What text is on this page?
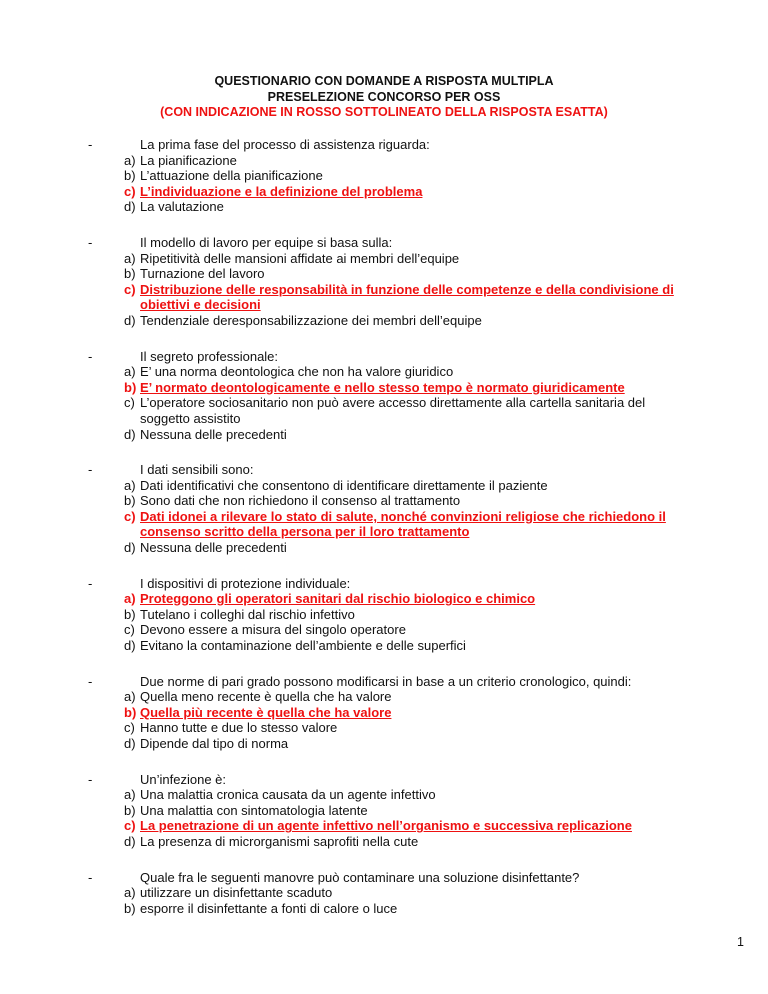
QUESTIONARIO CON DOMANDE A RISPOSTA MULTIPLA
PRESELEZIONE CONCORSO PER OSS
(CON INDICAZIONE IN ROSSO SOTTOLINEATO DELLA RISPOSTA ESATTA)
-	La prima fase del processo di assistenza riguarda:
a) La pianificazione
b) L’attuazione della pianificazione
c) L’individuazione e la definizione del problema
d) La valutazione
-	Il modello di lavoro per equipe si basa sulla:
a) Ripetitività delle mansioni affidate ai membri dell’equipe
b) Turnazione del lavoro
c) Distribuzione delle responsabilità in funzione delle competenze e della condivisione di obiettivi e decisioni
d) Tendenziale deresponsabilizzazione dei membri dell’equipe
-	Il segreto professionale:
a) E’ una norma deontologica che non ha valore giuridico
b) E’ normato deontologicamente e nello stesso tempo è normato giuridicamente
c) L’operatore sociosanitario non può avere accesso direttamente alla cartella sanitaria del soggetto assistito
d) Nessuna delle precedenti
-	I dati sensibili sono:
a) Dati identificativi che consentono di identificare direttamente il paziente
b) Sono dati che non richiedono il consenso al trattamento
c) Dati idonei a rilevare lo stato di salute, nonché convinzioni religiose che richiedono il consenso scritto della persona per il loro trattamento
d) Nessuna delle precedenti
-	I dispositivi di protezione individuale:
a) Proteggono gli operatori sanitari dal rischio biologico e chimico
b) Tutelano i colleghi dal rischio infettivo
c) Devono essere a misura del singolo operatore
d) Evitano la contaminazione dell’ambiente e delle superfici
-	Due norme di pari grado possono modificarsi in base a un criterio cronologico, quindi:
a) Quella meno recente è quella che ha valore
b) Quella più recente è quella che ha valore
c) Hanno tutte e due lo stesso valore
d) Dipende dal tipo di norma
-	Un’infezione è:
a) Una malattia cronica causata da un agente infettivo
b) Una malattia con sintomatologia latente
c) La penetrazione di un agente infettivo nell’organismo e successiva replicazione
d) La presenza di microrganismi saprofiti nella cute
-	Quale fra le seguenti manovre può contaminare una soluzione disinfettante?
a) utilizzare un disinfettante scaduto
b) esporre il disinfettante a fonti di calore o luce
1
